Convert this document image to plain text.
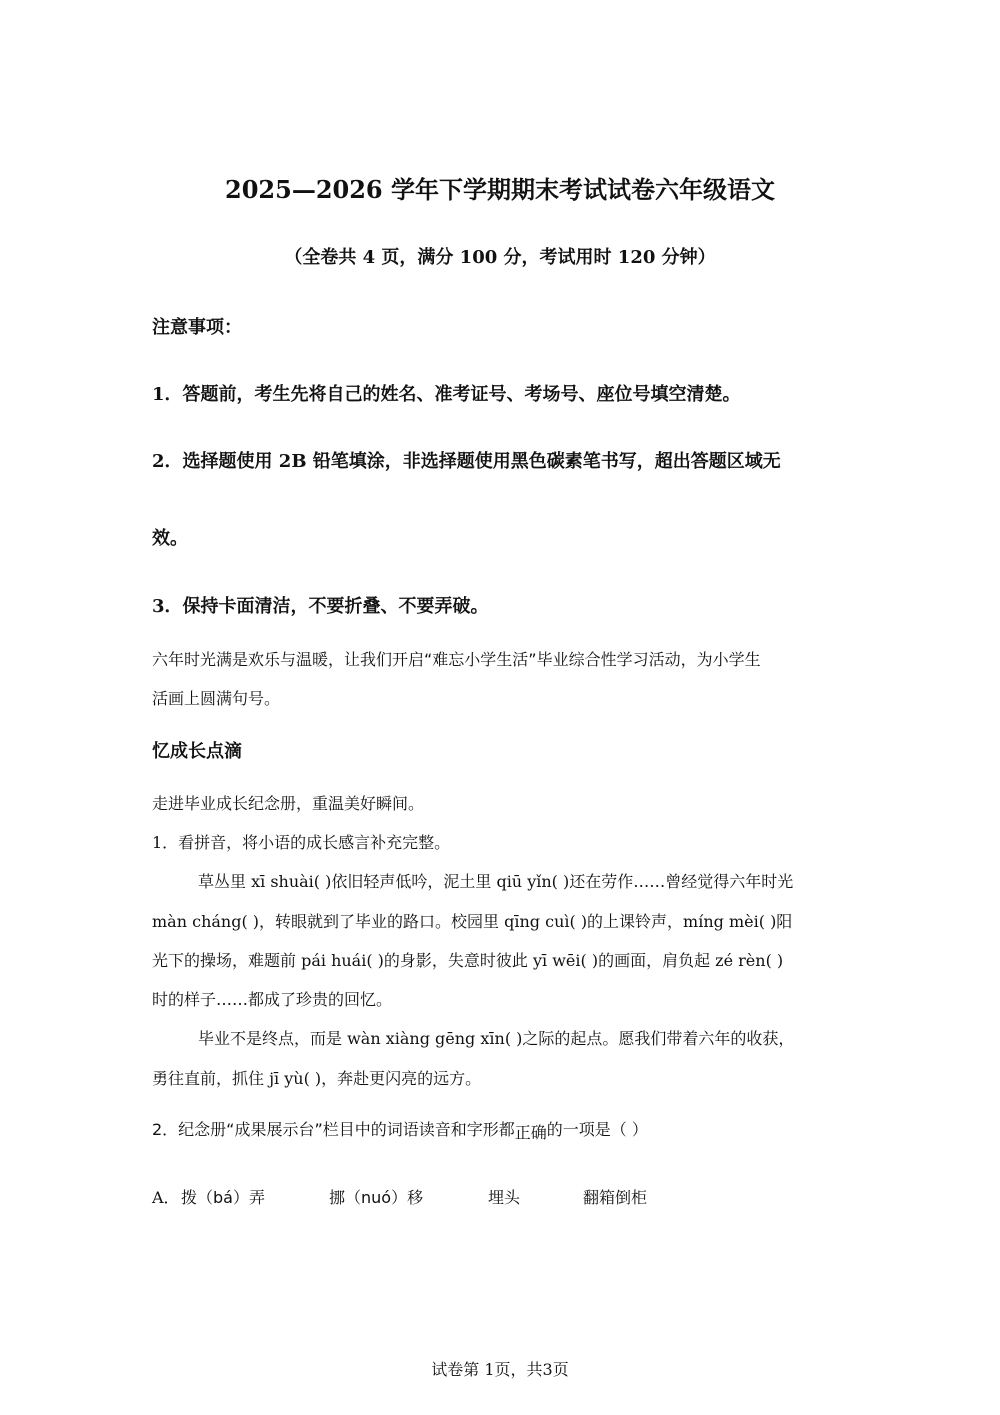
2025—2026 学年下学期期末考试试卷六年级语文
（全卷共 4 页，满分 100 分，考试用时 120 分钟）
注意事项：
1．答题前，考生先将自己的姓名、准考证号、考场号、座位号填空清楚。
2．选择题使用 2B 铅笔填涂，非选择题使用黑色碳素笔书写，超出答题区域无
效。
3．保持卡面清洁，不要折叠、不要弄破。
六年时光满是欢乐与温暖，让我们开启“难忘小学生活”毕业综合性学习活动，为小学生
活画上圆满句号。
忆成长点滴
走进毕业成长纪念册，重温美好瞬间。
1．看拼音，将小语的成长感言补充完整。
草丛里 xī shuài( )依旧轻声低吟，泥土里 qiū yǐn( )还在劳作……曾经觉得六年时光
màn cháng( )，转眼就到了毕业的路口。校园里 qīng cuì( )的上课铃声，míng mèi( )阳
光下的操场，难题前 pái huái( )的身影，失意时彼此 yī wēi( )的画面，肩负起 zé rèn( )
时的样子……都成了珍贵的回忆。
毕业不是终点，而是 wàn xiàng gēng xīn( )之际的起点。愿我们带着六年的收获，
勇往直前，抓住 jī yù( )，奔赴更闪亮的远方。
2．纪念册“成果展示台”栏目中的词语读音和字形都正确的一项是（ ）
A． 拨（bá）弄	挪（nuó）移	埋头	翻箱倒柜
试卷第 1页，共3页
